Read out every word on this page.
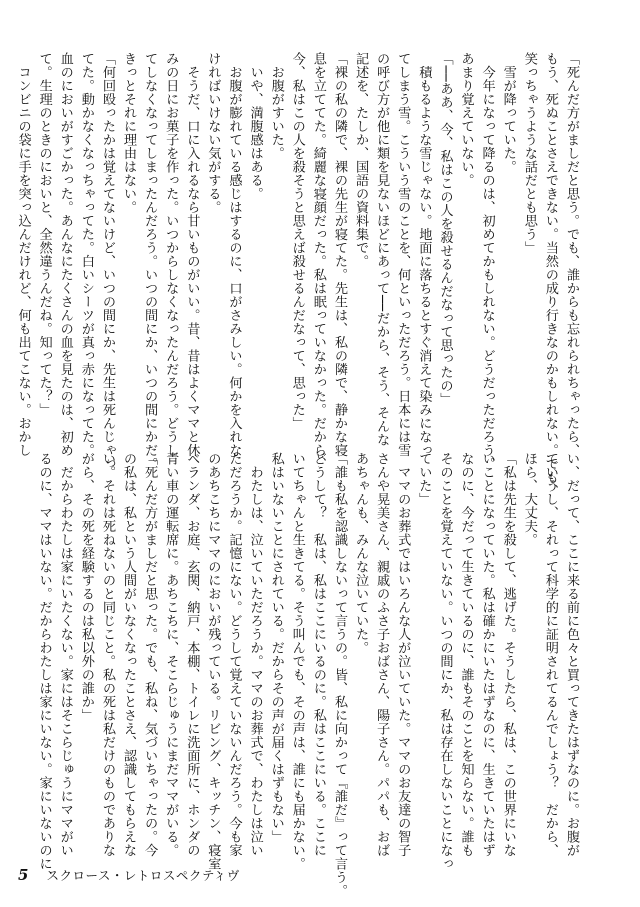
「死んだ方がましだと思う。でも、誰からも忘れられちゃったら、

もう、死ぬことさえできない。当然の成り行きなのかもしれない。でも、

笑っちゃうような話だとも思う」

　雪が降っていた。

　今年になって降るのは、初めてかもしれない。どうだっただろう。

あまり覚えていない。

「──ああ、今、私はこの人を殺せるんだなって思ったの」

　積もるような雪じゃない。地面に落ちるとすぐ消えて染みになっ

てしまう雪。こういう雪のことを、何といっただろう。日本には雪

の呼び方が他に類を見ないほどにあって──だから、そう、そんな

記述を、たしか、国語の資料集で。

「裸の私の隣で、裸の先生が寝てた。先生は、私の隣で、静かな寝

息を立ててた。綺麗な寝顔だった。私は眠っていなかった。だから、

今、私はこの人を殺そうと思えば殺せるんだなって、思った」

　お腹がすいた。

　いや、満腹感はある。

　お腹が膨れている感じはするのに、口がさみしい。何かを入れな

ければいけない気がする。

　そうだ、口に入れるなら甘いものがいい。昔、昔はよくママと休

みの日にお菓子を作った。いつからしなくなったんだろう。どうし

てしなくなってしまったんだろう。いつの間にか、いつの間にかだ。

きっとそれに理由はない。

「何回殴ったかは覚えてないけど、いつの間にか、先生は死んじゃっ

てた。動かなくなっちゃってた。白いシーツが真っ赤になってた。

血のにおいがすごかった。あんなにたくさんの血を見たのは、初め

て。生理のときのにおいと、全然違うんだね。知ってた？」

　コンビニの袋に手を突っ込んだけれど、何も出てこない。おかし

い、だって、ここに来る前に色々と買ってきたはずなのに。お腹が

ていうし、それって科学的に証明されてるんでしょう？　だから、

ほら、大丈夫。

「私は先生を殺して、逃げた。そうしたら、私は、この世界にいな

いことになっていた。私は確かにいたはずなのに、生きていたはず

なのに、今だって生きているのに、誰もそのことを知らない。誰も

そのことを覚えていない。いつの間にか、私は存在しないことになっ

ていた」

　ママのお葬式ではいろんな人が泣いていた。ママのお友達の智子

さんや晃美さん、親戚のふさ子おばさん、陽子さん。パパも、おば

あちゃんも、みんな泣いていた。

「誰も私を認識しないって言うの。皆、私に向かって『誰だ』って言う。

どうして？　私は、私はここにいるのに。私はここにいる。ここに

いてちゃんと生きてる。そう叫んでも、その声は、誰にも届かない。

私はいないことにされている。だからその声が届くはずもない」

　わたしは、泣いていただろうか。ママのお葬式で、わたしは泣い

ただろうか。記憶にない。どうして覚えていないんだろう。今も家

のあちこちにママのにおいが残っている。リビング、キッチン、寝室、

ベランダ、お庭、玄関、納戸、本棚、トイレに洗面所に、ホンダの

青い車の運転席に。あちこちに、そこらじゅうにまだママがいる。

「死んだ方がましだと思った。でも、私ね、気づいちゃったの。今

の私は、私という人間がいなくなったことさえ、認識してもらえな

い。それは死ねないのと同じこと。私の死は私だけのものでありな

がら、その死を経験するのは私以外の誰か」

　だからわたしは家にいたくない。家にはそこらじゅうにママがい

るのに、ママはいない。だからわたしは家にいない。家にいないのに、

5 スクロース・レトロスペクティヴ
